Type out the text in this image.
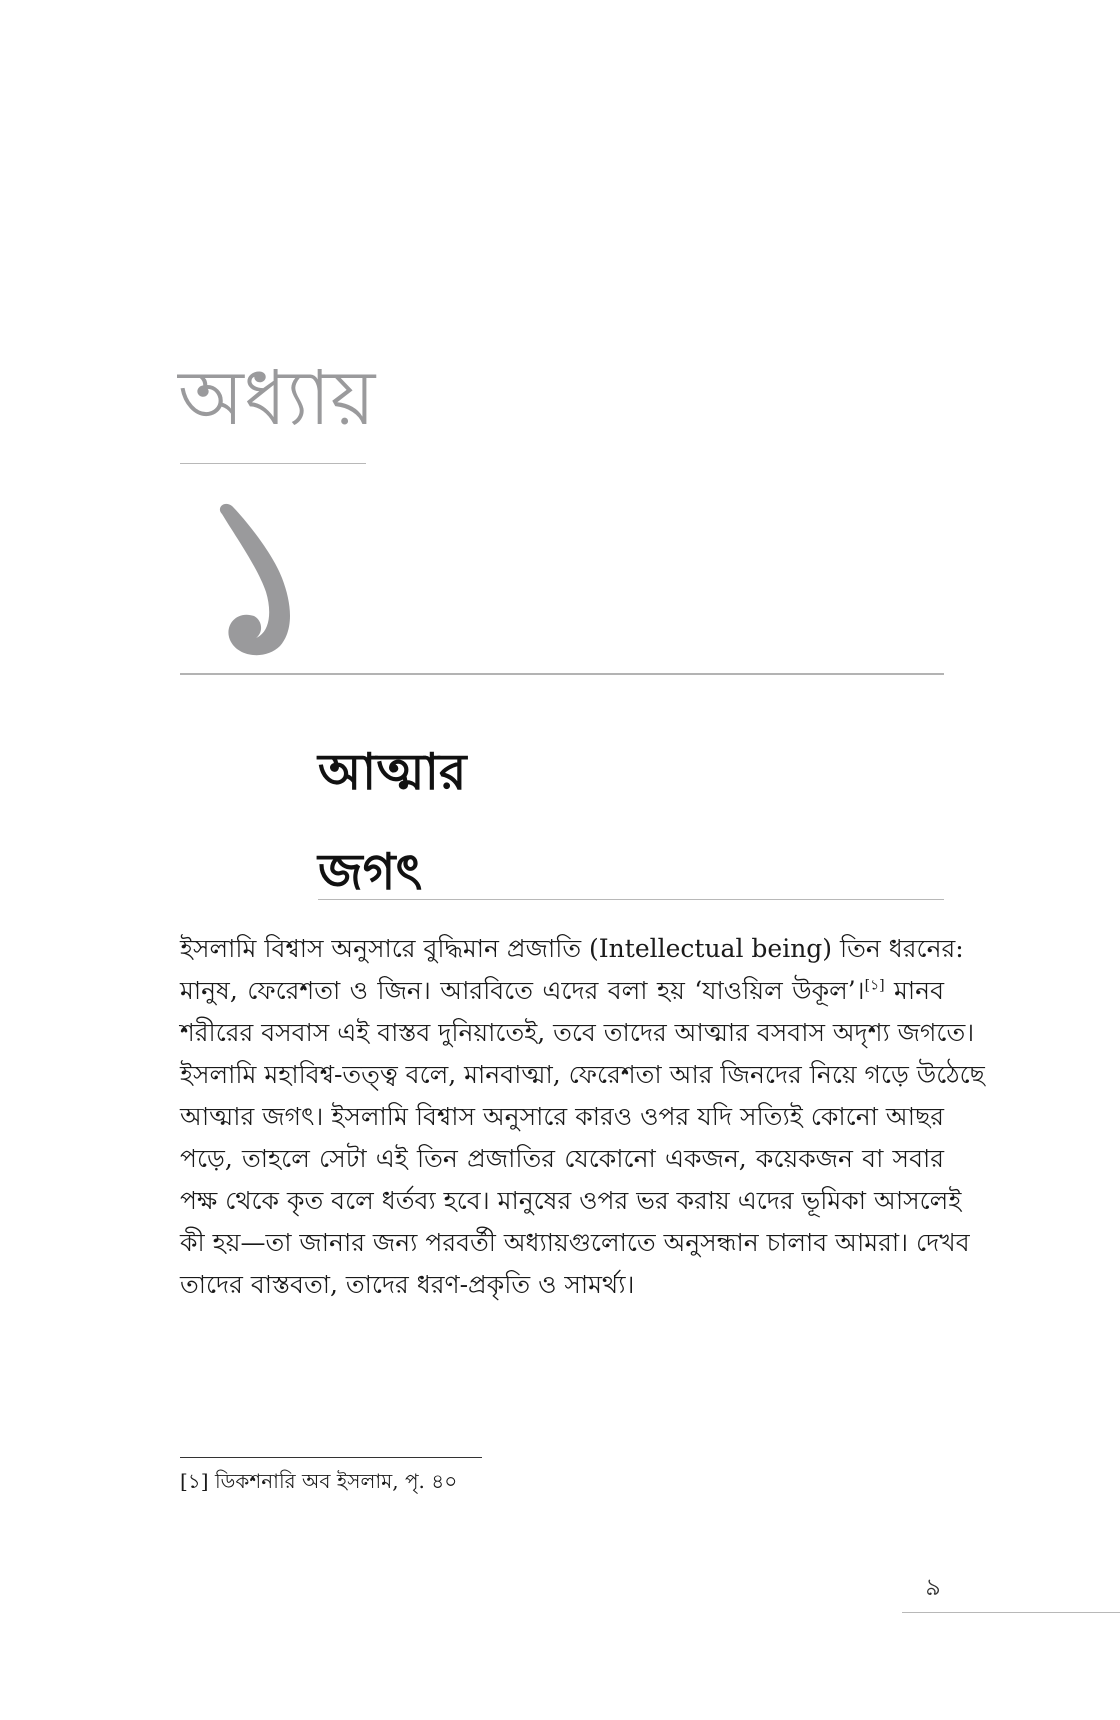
অধ্যায়
আত্মার
জগৎ
ইসলামি বিশ্বাস অনুসারে বুদ্ধিমান প্রজাতি (Intellectual being) তিন ধরনের:
মানুষ, ফেরেশতা ও জিন। আরবিতে এদের বলা হয় ‘যাওয়িল উকূল’।[১] মানব
শরীরের বসবাস এই বাস্তব দুনিয়াতেই, তবে তাদের আত্মার বসবাস অদৃশ্য জগতে।
ইসলামি মহাবিশ্ব-তত্ত্ব বলে, মানবাত্মা, ফেরেশতা আর জিনদের নিয়ে গড়ে উঠেছে
আত্মার জগৎ। ইসলামি বিশ্বাস অনুসারে কারও ওপর যদি সত্যিই কোনো আছর
পড়ে, তাহলে সেটা এই তিন প্রজাতির যেকোনো একজন, কয়েকজন বা সবার
পক্ষ থেকে কৃত বলে ধর্তব্য হবে। মানুষের ওপর ভর করায় এদের ভূমিকা আসলেই
কী হয়—তা জানার জন্য পরবর্তী অধ্যায়গুলোতে অনুসন্ধান চালাব আমরা। দেখব
তাদের বাস্তবতা, তাদের ধরণ-প্রকৃতি ও সামর্থ্য।
[১] ডিকশনারি অব ইসলাম, পৃ. ৪০
৯
